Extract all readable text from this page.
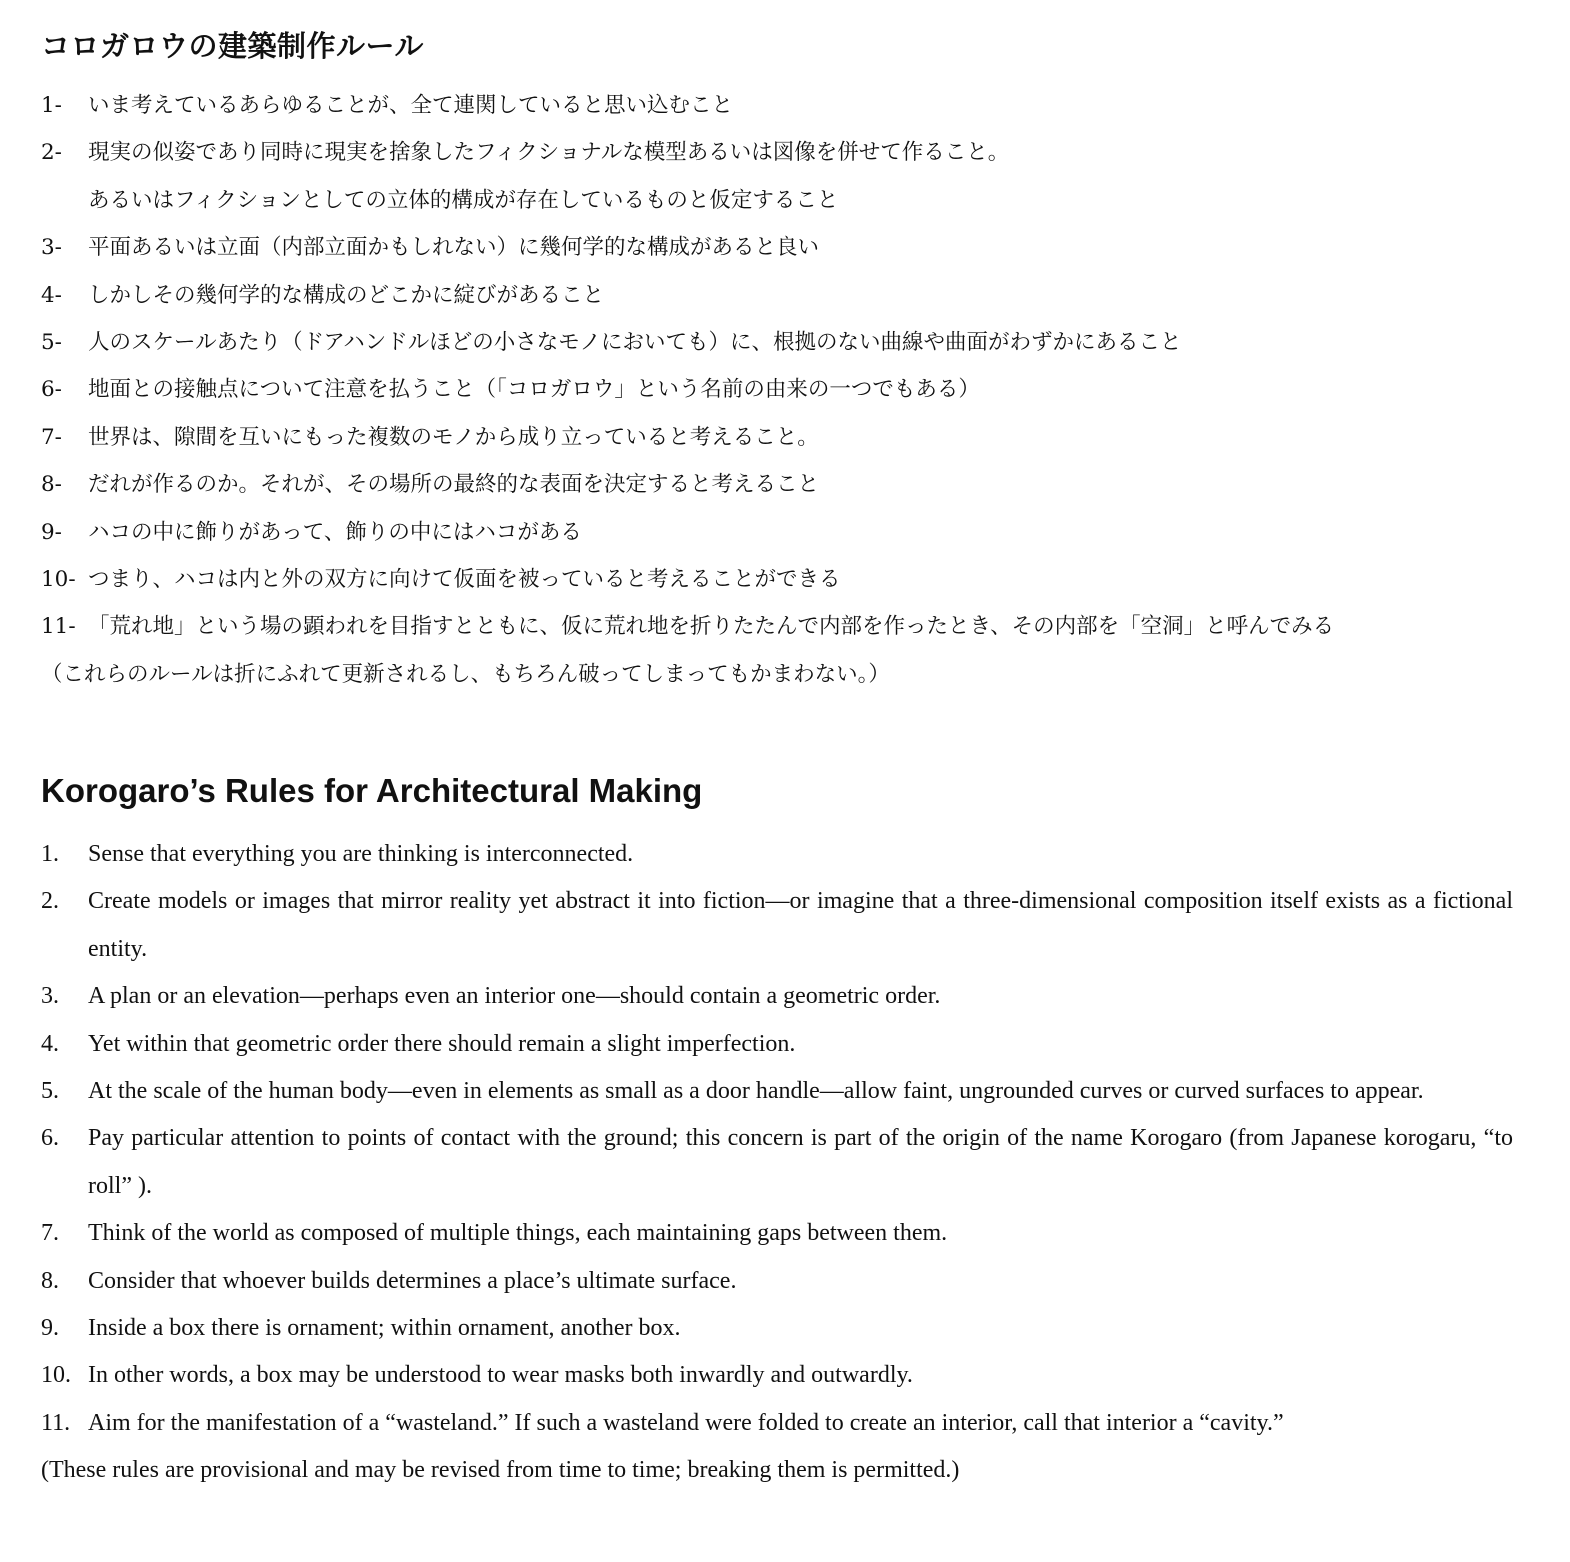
コロガロウの建築制作ルール
1-	いま考えているあらゆることが、全て連関していると思い込むこと
2-	現実の似姿であり同時に現実を捨象したフィクショナルな模型あるいは図像を併せて作ること。
あるいはフィクションとしての立体的構成が存在しているものと仮定すること
3-	平面あるいは立面（内部立面かもしれない）に幾何学的な構成があると良い
4-	しかしその幾何学的な構成のどこかに綻びがあること
5-	人のスケールあたり（ドアハンドルほどの小さなモノにおいても）に、根拠のない曲線や曲面がわずかにあること
6-	地面との接触点について注意を払うこと（「コロガロウ」という名前の由来の一つでもある）
7-	世界は、隙間を互いにもった複数のモノから成り立っていると考えること。
8-	だれが作るのか。それが、その場所の最終的な表面を決定すると考えること
9-	ハコの中に飾りがあって、飾りの中にはハコがある
10- つまり、ハコは内と外の双方に向けて仮面を被っていると考えることができる
11- 「荒れ地」という場の顕われを目指すとともに、仮に荒れ地を折りたたんで内部を作ったとき、その内部を「空洞」と呼んでみる
（これらのルールは折にふれて更新されるし、もちろん破ってしまってもかまわない。）
Korogaro’s Rules for Architectural Making
1.	Sense that everything you are thinking is interconnected.
2.	Create models or images that mirror reality yet abstract it into fiction—or imagine that a three-dimensional composition itself exists as a fictional entity.
3.	A plan or an elevation—perhaps even an interior one—should contain a geometric order.
4.	Yet within that geometric order there should remain a slight imperfection.
5.	At the scale of the human body—even in elements as small as a door handle—allow faint, ungrounded curves or curved surfaces to appear.
6.	Pay particular attention to points of contact with the ground; this concern is part of the origin of the name Korogaro (from Japanese korogaru, “to roll” ).
7.	Think of the world as composed of multiple things, each maintaining gaps between them.
8.	Consider that whoever builds determines a place’s ultimate surface.
9.	Inside a box there is ornament; within ornament, another box.
10. In other words, a box may be understood to wear masks both inwardly and outwardly.
11. Aim for the manifestation of a “wasteland.” If such a wasteland were folded to create an interior, call that interior a “cavity.”
(These rules are provisional and may be revised from time to time; breaking them is permitted.)
